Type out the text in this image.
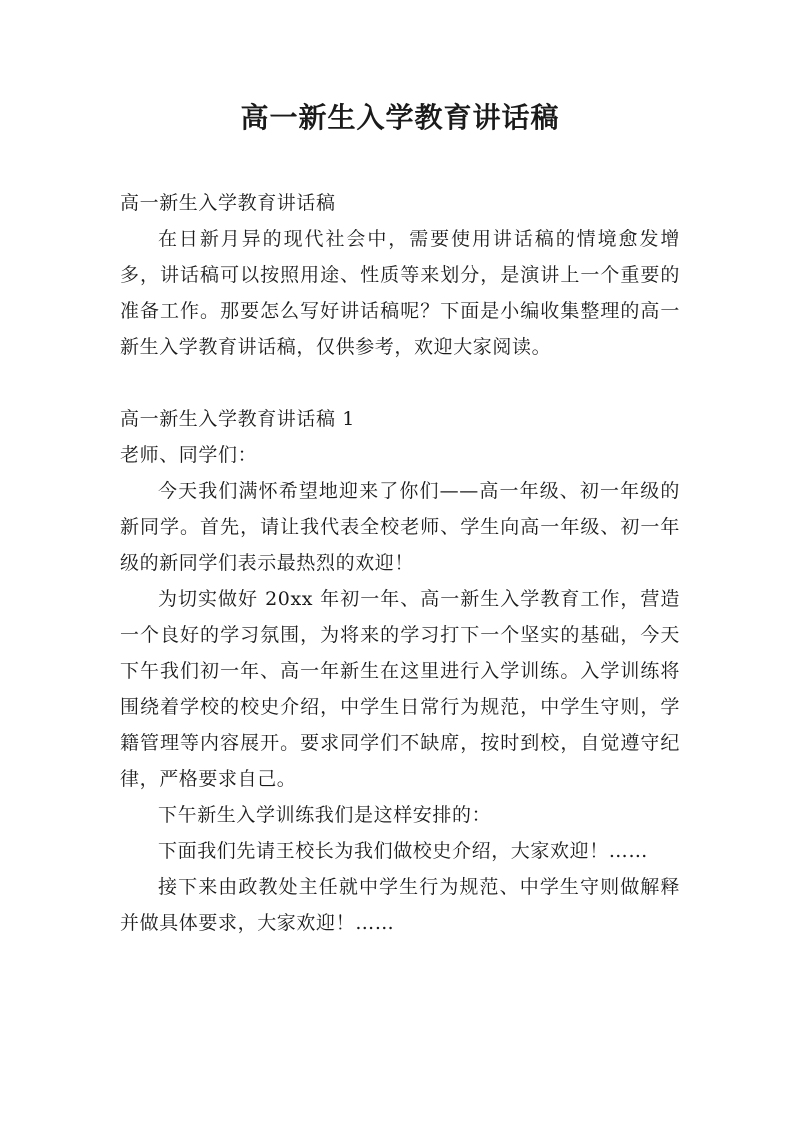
高一新生入学教育讲话稿

高一新生入学教育讲话稿

在日新月异的现代社会中，需要使用讲话稿的情境愈发增多，讲话稿可以按照用途、性质等来划分，是演讲上一个重要的准备工作。那要怎么写好讲话稿呢？下面是小编收集整理的高一新生入学教育讲话稿，仅供参考，欢迎大家阅读。

高一新生入学教育讲话稿 1

老师、同学们：

今天我们满怀希望地迎来了你们——高一年级、初一年级的新同学。首先，请让我代表全校老师、学生向高一年级、初一年级的新同学们表示最热烈的欢迎！

为切实做好 20xx 年初一年、高一新生入学教育工作，营造一个良好的学习氛围，为将来的学习打下一个坚实的基础，今天下午我们初一年、高一年新生在这里进行入学训练。入学训练将围绕着学校的校史介绍，中学生日常行为规范，中学生守则，学籍管理等内容展开。要求同学们不缺席，按时到校，自觉遵守纪律，严格要求自己。

下午新生入学训练我们是这样安排的：

下面我们先请王校长为我们做校史介绍，大家欢迎！……

接下来由政教处主任就中学生行为规范、中学生守则做解释并做具体要求，大家欢迎！……
